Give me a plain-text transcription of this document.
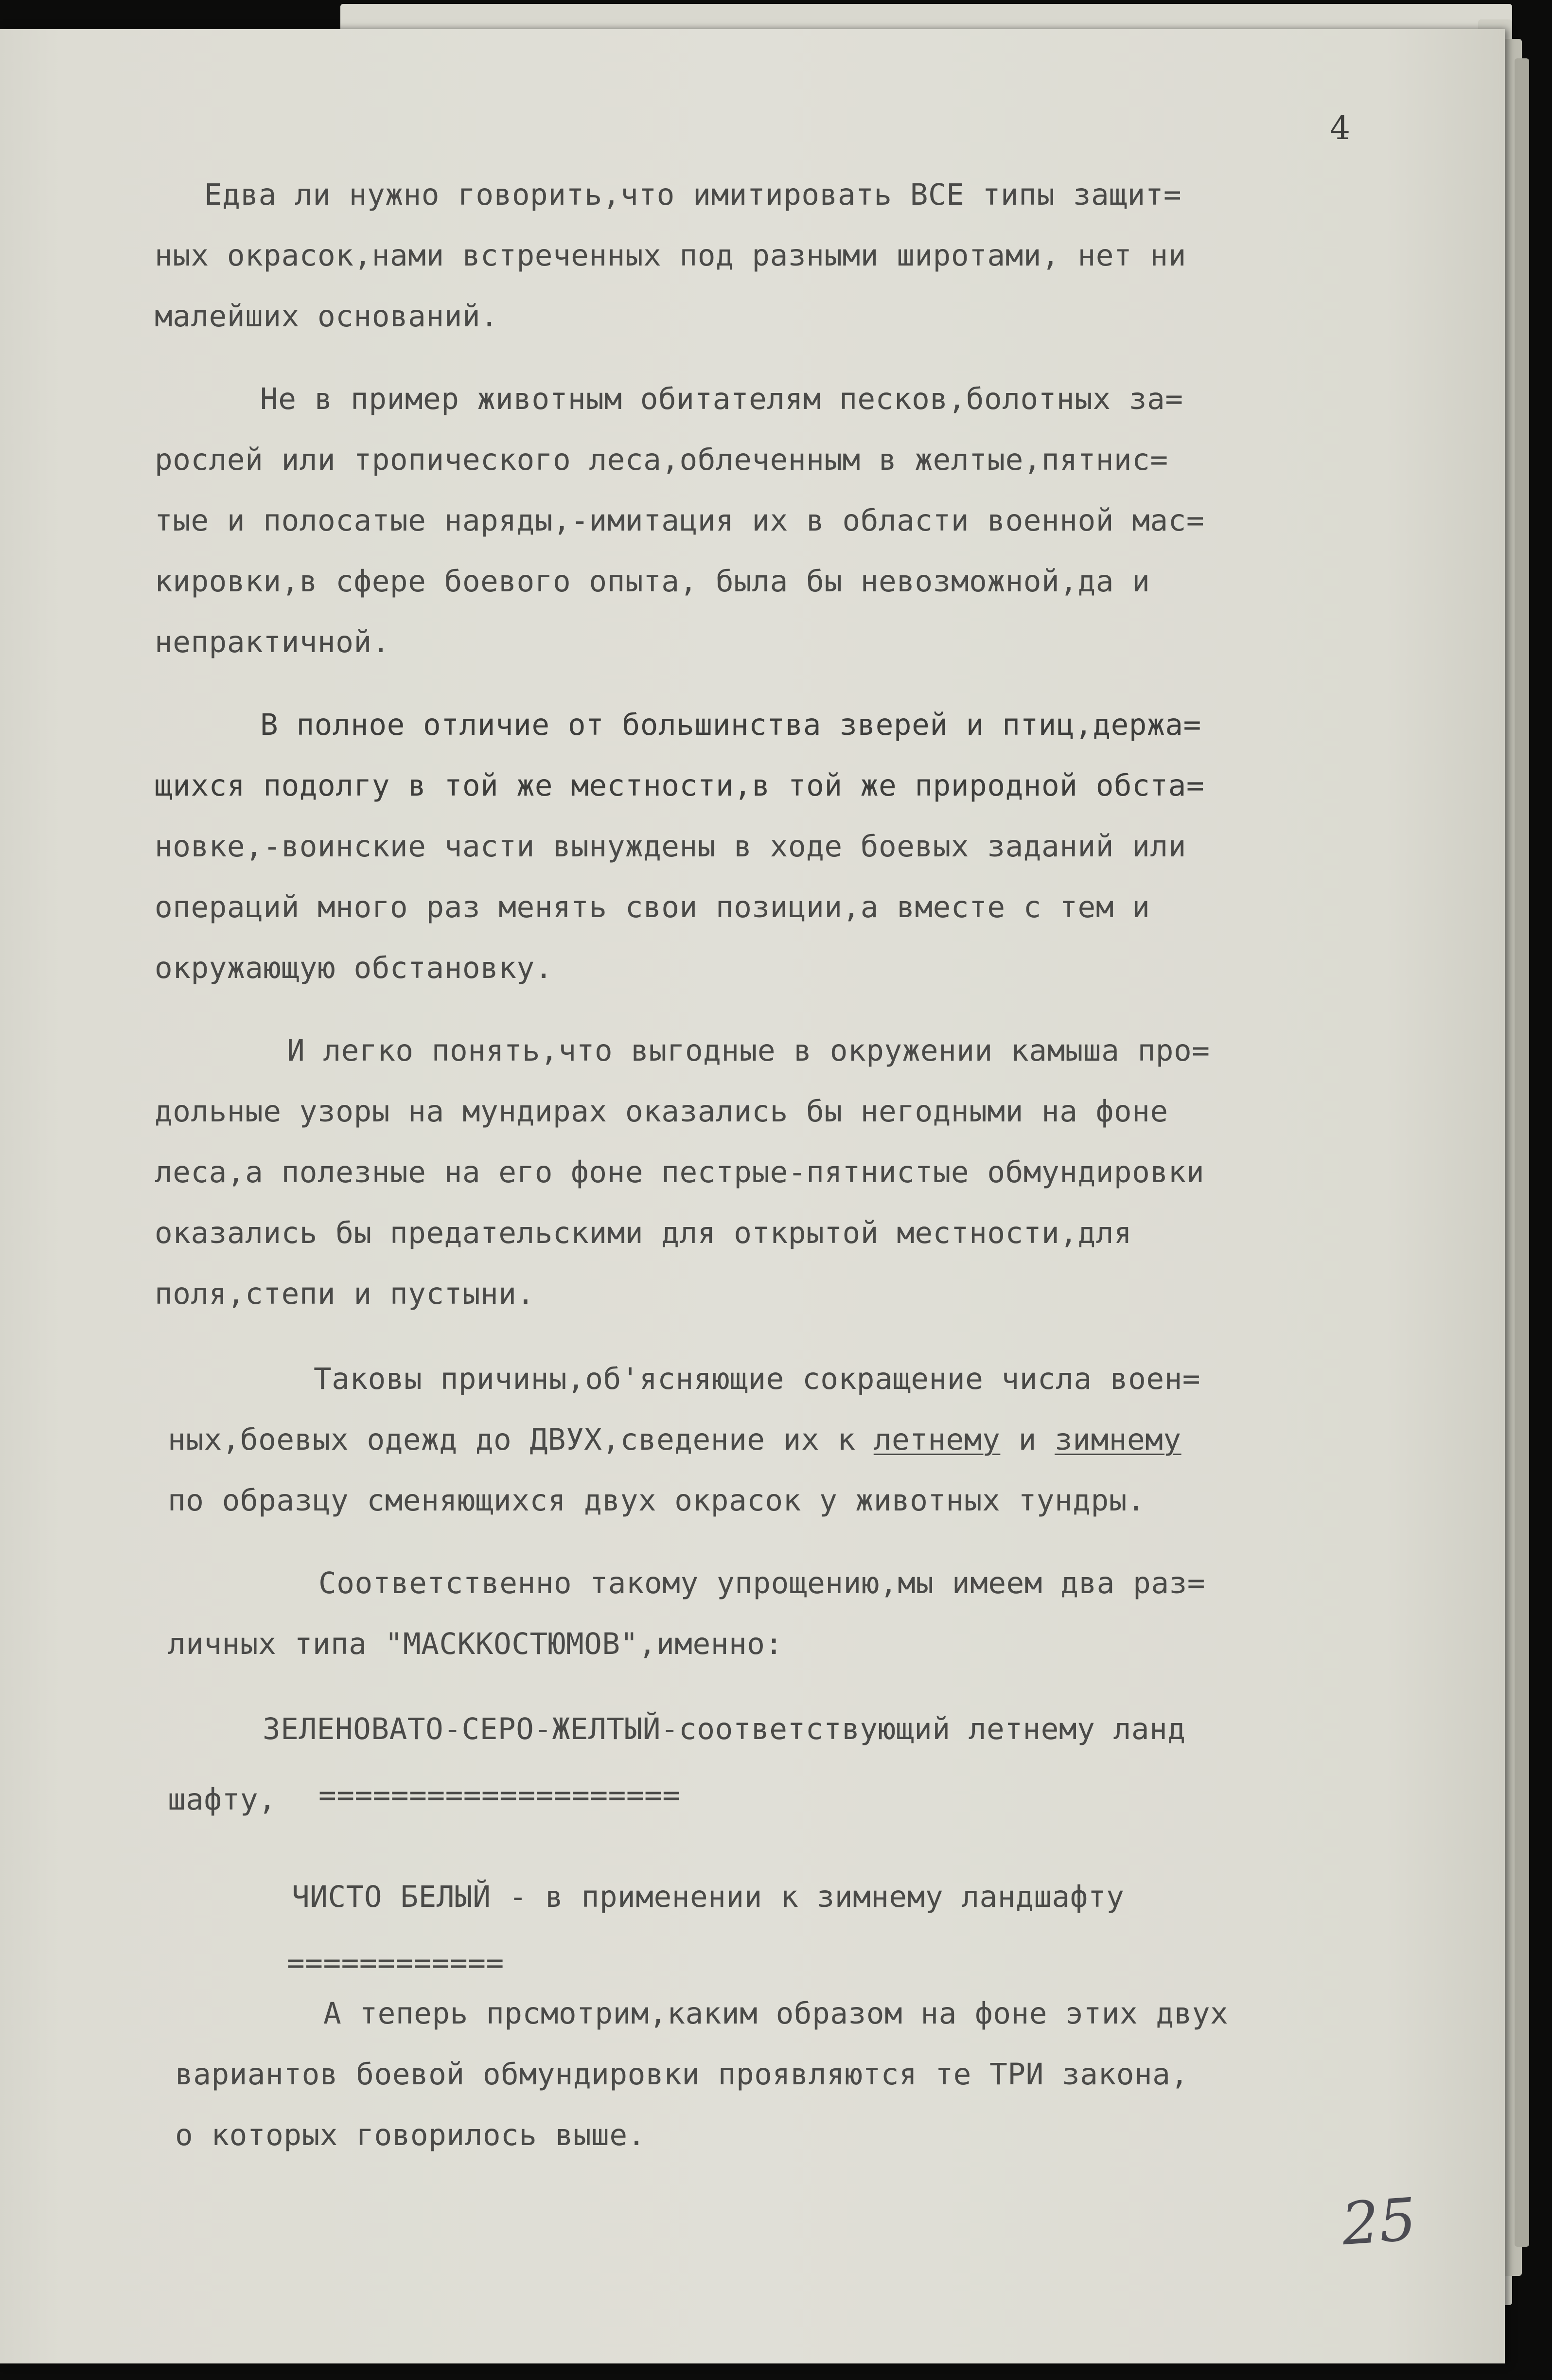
4

Едва ли нужно говорить,что имитировать ВСЕ типы защит=

ных окрасок,нами встреченных под разными широтами, нет ни

малейших оснований.

Не в пример животным обитателям песков,болотных за=

рослей или тропического леса,облеченным в желтые,пятнис=

тые и полосатые наряды,-имитация их в области военной мас=

кировки,в сфере боевого опыта, была бы невозможной,да и

непрактичной.

В полное отличие от большинства зверей и птиц,держа=

щихся подолгу в той же местности,в той же природной обста=

новке,-воинские части вынуждены в ходе боевых заданий или

операций много раз менять свои позиции,а вместе с тем и

окружающую обстановку.

И легко понять,что выгодные в окружении камыша про=

дольные узоры на мундирах оказались бы негодными на фоне

леса,а полезные на его фоне пестрые-пятнистые обмундировки

оказались бы предательскими для открытой местности,для

поля,степи и пустыни.

Таковы причины,об'ясняющие сокращение числа воен=

ных,боевых одежд до ДВУХ,сведение их к летнему и зимнему

по образцу сменяющихся двух окрасок у животных тундры.

Соответственно такому упрощению,мы имеем два раз=

личных типа "МАСККОСТЮМОВ",именно:

ЗЕЛЕНОВАТО-СЕРО-ЖЕЛТЫЙ-соответствующий летнему ланд

====================

шафту,

ЧИСТО БЕЛЫЙ - в применении к зимнему ландшафту

============

А теперь прсмотрим,каким образом на фоне этих двух

вариантов боевой обмундировки проявляются те ТРИ закона,

о которых говорилось выше.

25
